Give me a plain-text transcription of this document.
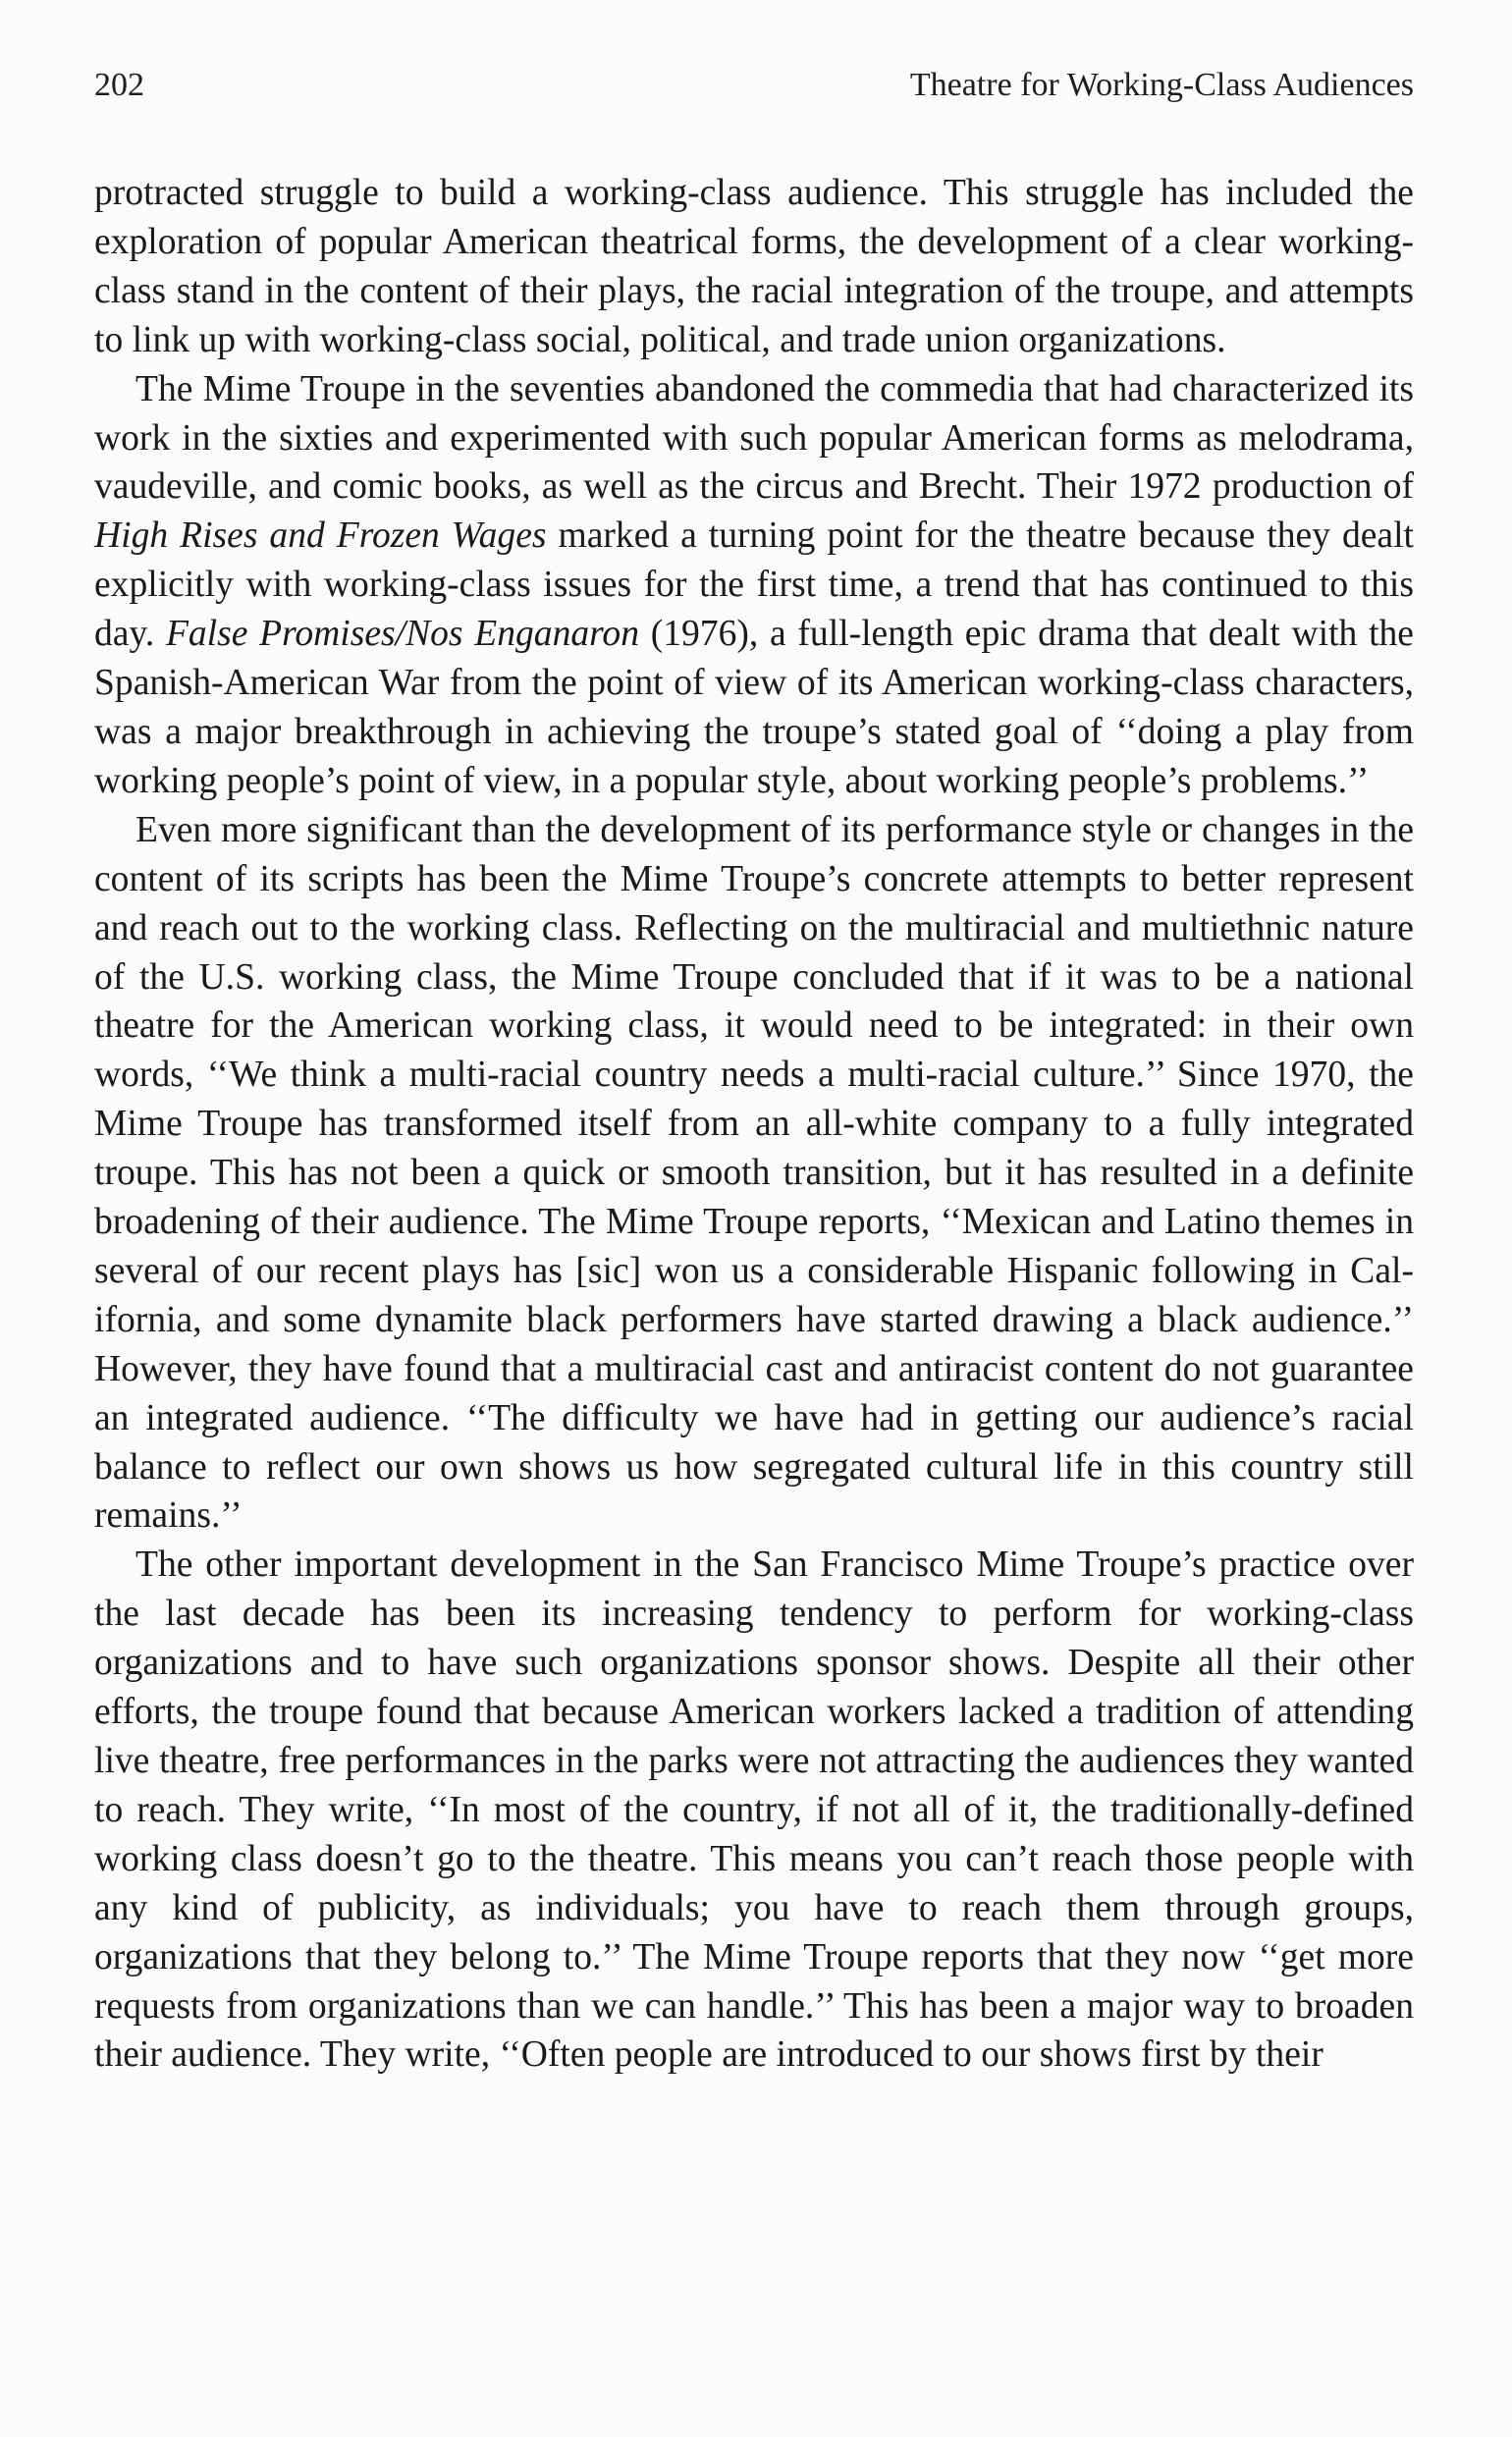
202	Theatre for Working-Class Audiences

protracted struggle to build a working-class audience. This struggle has included the exploration of popular American theatrical forms, the development of a clear working-class stand in the content of their plays, the racial integration of the troupe, and attempts to link up with working-class social, political, and trade union organizations.

The Mime Troupe in the seventies abandoned the commedia that had characterized its work in the sixties and experimented with such popular American forms as melodrama, vaudeville, and comic books, as well as the circus and Brecht. Their 1972 production of High Rises and Frozen Wages marked a turning point for the theatre because they dealt explicitly with working-class issues for the first time, a trend that has continued to this day. False Promises/Nos Enganaron (1976), a full-length epic drama that dealt with the Spanish-American War from the point of view of its American working-class characters, was a major breakthrough in achieving the troupe’s stated goal of ‘‘doing a play from working people’s point of view, in a popular style, about working people’s problems.’’

Even more significant than the development of its performance style or changes in the content of its scripts has been the Mime Troupe’s concrete attempts to better represent and reach out to the working class. Reflecting on the multiracial and multiethnic nature of the U.S. working class, the Mime Troupe concluded that if it was to be a national theatre for the American working class, it would need to be integrated: in their own words, ‘‘We think a multi-racial country needs a multi-racial culture.’’ Since 1970, the Mime Troupe has transformed itself from an all-white company to a fully integrated troupe. This has not been a quick or smooth transition, but it has resulted in a definite broadening of their audience. The Mime Troupe reports, ‘‘Mexican and Latino themes in several of our recent plays has [sic] won us a considerable Hispanic following in California, and some dynamite black performers have started drawing a black audience.’’ However, they have found that a multiracial cast and antiracist content do not guarantee an integrated audience. ‘‘The difficulty we have had in getting our audience’s racial balance to reflect our own shows us how segregated cultural life in this country still remains.’’

The other important development in the San Francisco Mime Troupe’s practice over the last decade has been its increasing tendency to perform for working-class organizations and to have such organizations sponsor shows. Despite all their other efforts, the troupe found that because American workers lacked a tradition of attending live theatre, free performances in the parks were not attracting the audiences they wanted to reach. They write, ‘‘In most of the country, if not all of it, the traditionally-defined working class doesn’t go to the theatre. This means you can’t reach those people with any kind of publicity, as individuals; you have to reach them through groups, organizations that they belong to.’’ The Mime Troupe reports that they now ‘‘get more requests from organizations than we can handle.’’ This has been a major way to broaden their audience. They write, ‘‘Often people are introduced to our shows first by their
